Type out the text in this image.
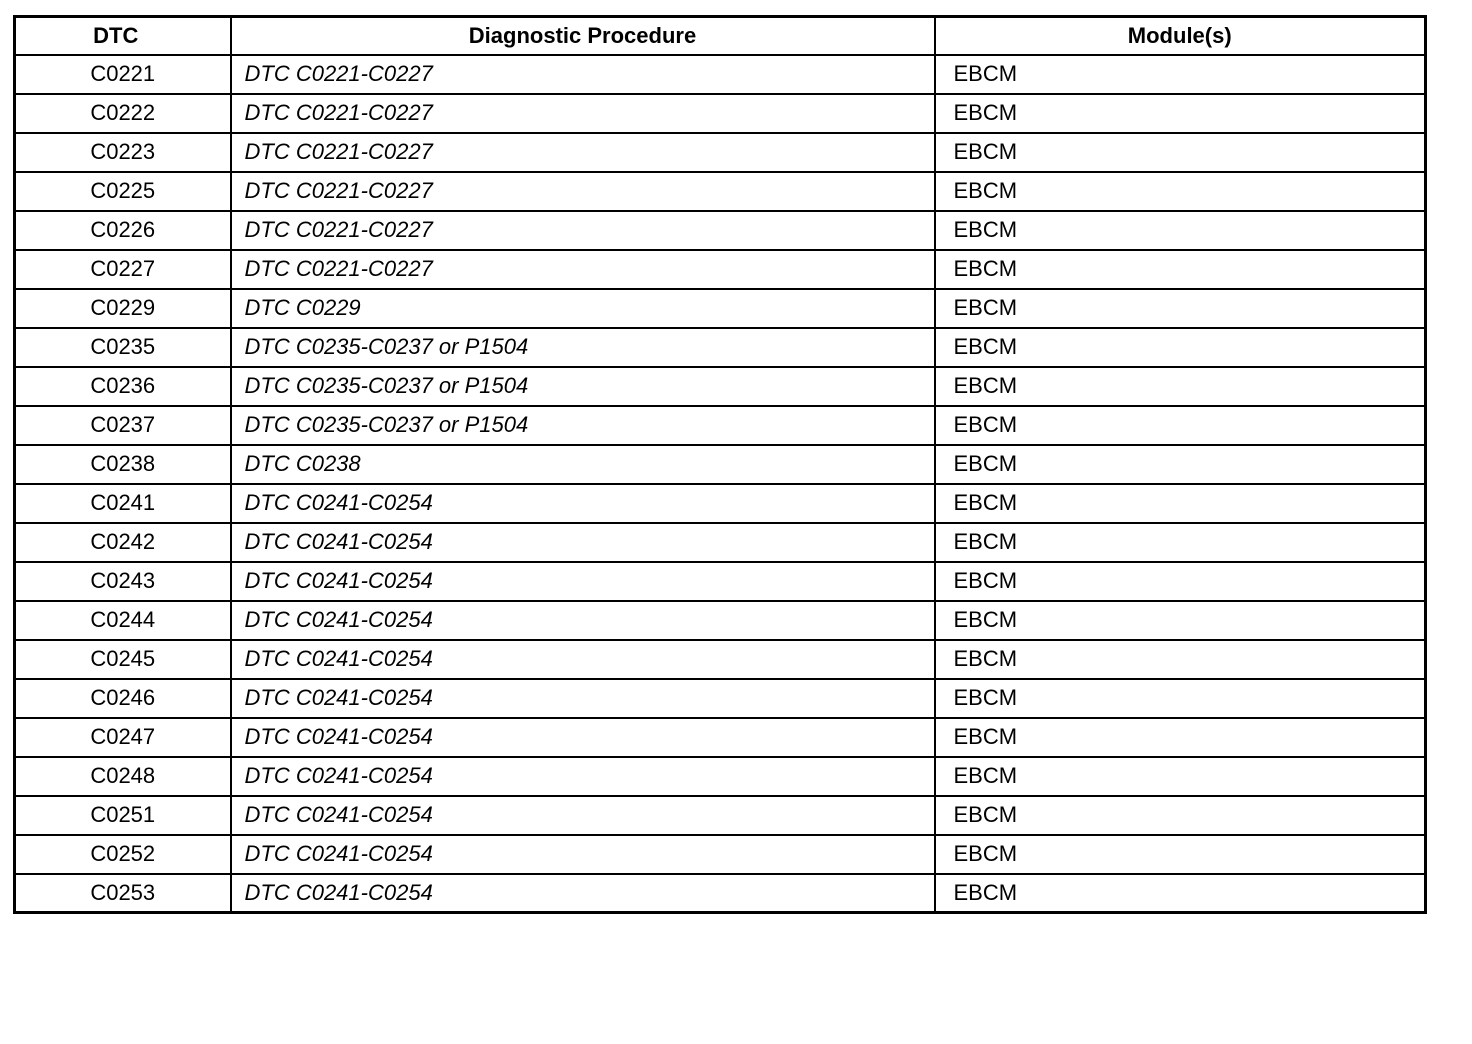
DTC	Diagnostic Procedure	Module(s)
C0221	DTC C0221-C0227	EBCM
C0222	DTC C0221-C0227	EBCM
C0223	DTC C0221-C0227	EBCM
C0225	DTC C0221-C0227	EBCM
C0226	DTC C0221-C0227	EBCM
C0227	DTC C0221-C0227	EBCM
C0229	DTC C0229	EBCM
C0235	DTC C0235-C0237 or P1504	EBCM
C0236	DTC C0235-C0237 or P1504	EBCM
C0237	DTC C0235-C0237 or P1504	EBCM
C0238	DTC C0238	EBCM
C0241	DTC C0241-C0254	EBCM
C0242	DTC C0241-C0254	EBCM
C0243	DTC C0241-C0254	EBCM
C0244	DTC C0241-C0254	EBCM
C0245	DTC C0241-C0254	EBCM
C0246	DTC C0241-C0254	EBCM
C0247	DTC C0241-C0254	EBCM
C0248	DTC C0241-C0254	EBCM
C0251	DTC C0241-C0254	EBCM
C0252	DTC C0241-C0254	EBCM
C0253	DTC C0241-C0254	EBCM
